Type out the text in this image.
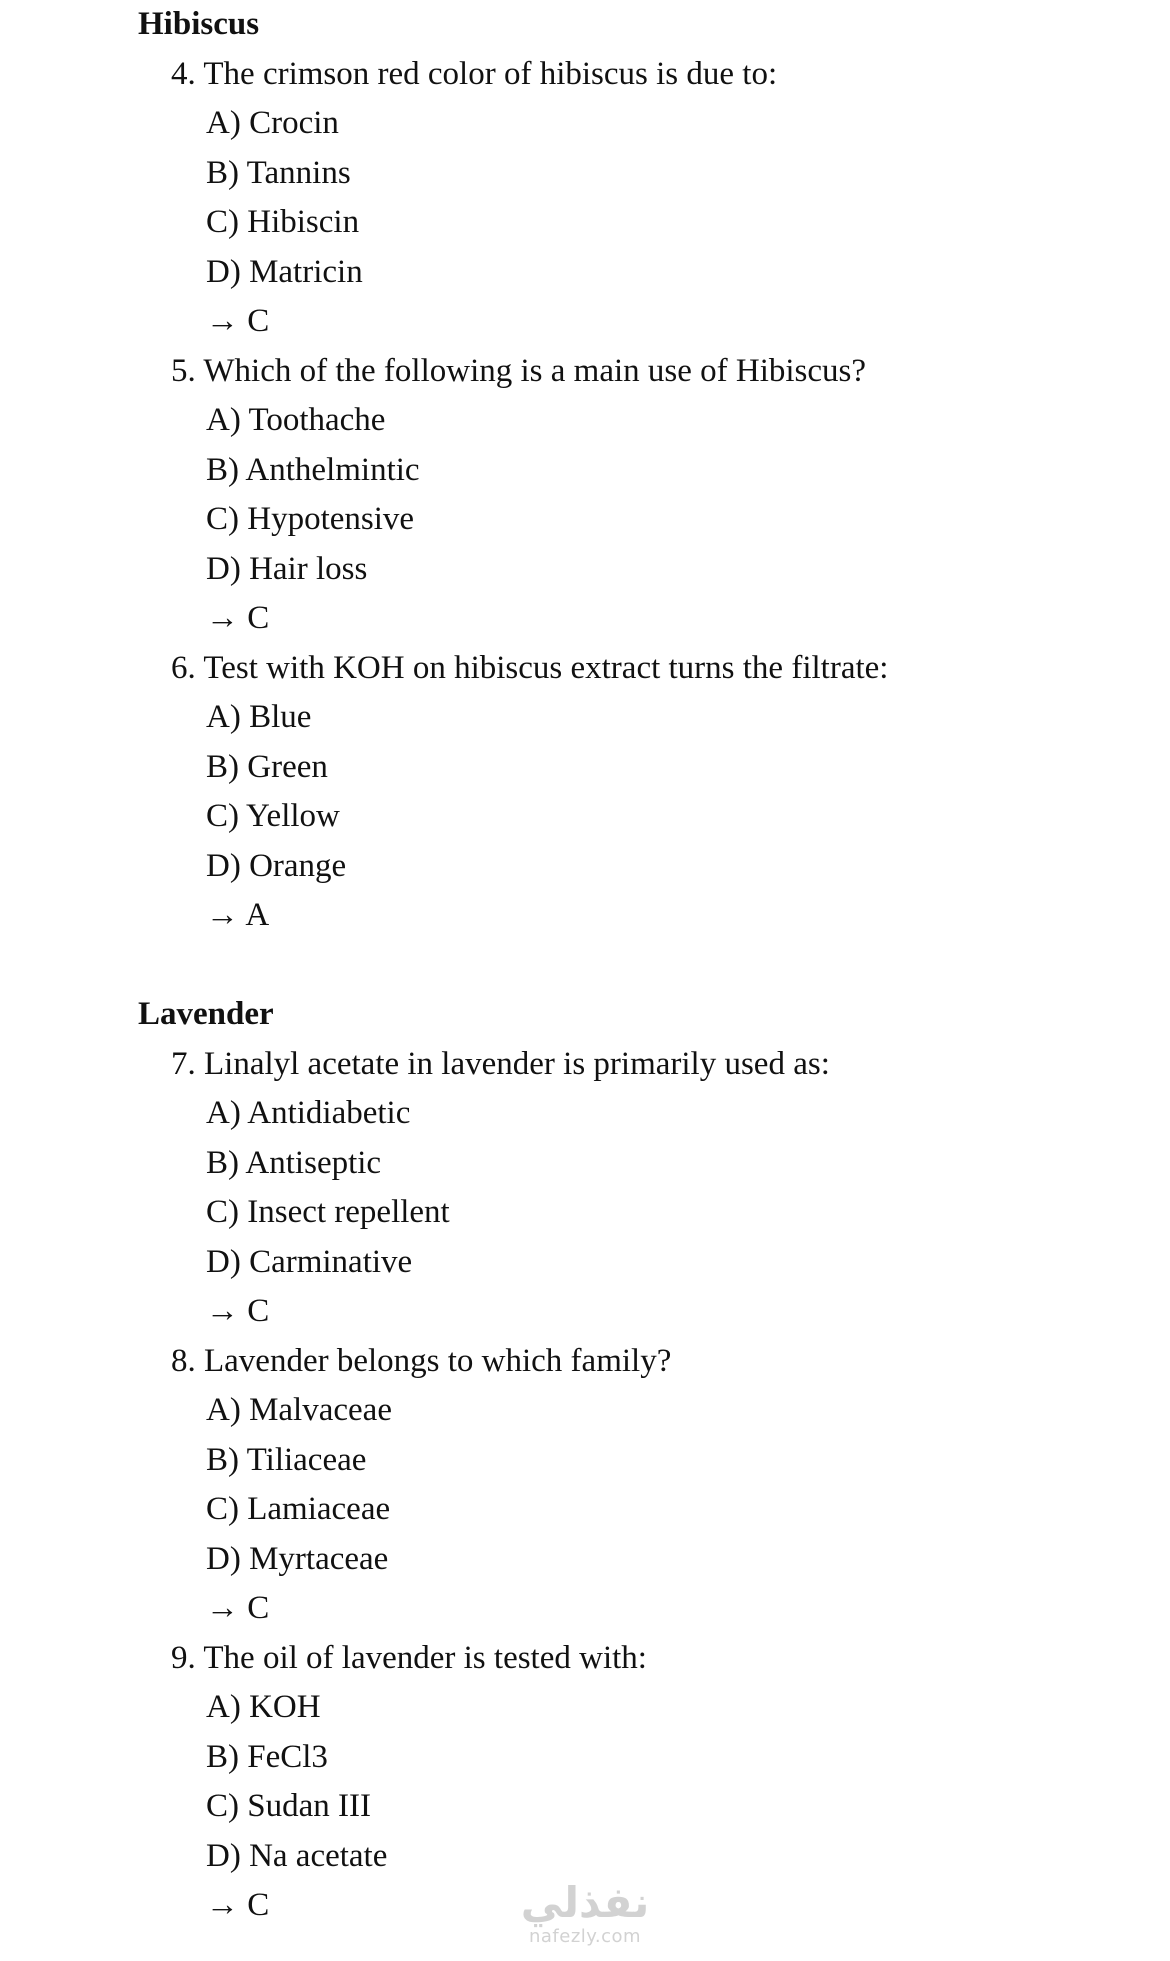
Hibiscus
4. The crimson red color of hibiscus is due to:
A) Crocin
B) Tannins
C) Hibiscin
D) Matricin
→ C
5. Which of the following is a main use of Hibiscus?
A) Toothache
B) Anthelmintic
C) Hypotensive
D) Hair loss
→ C
6. Test with KOH on hibiscus extract turns the filtrate:
A) Blue
B) Green
C) Yellow
D) Orange
→ A
Lavender
7. Linalyl acetate in lavender is primarily used as:
A) Antidiabetic
B) Antiseptic
C) Insect repellent
D) Carminative
→ C
8. Lavender belongs to which family?
A) Malvaceae
B) Tiliaceae
C) Lamiaceae
D) Myrtaceae
→ C
9. The oil of lavender is tested with:
A) KOH
B) FeCl3
C) Sudan III
D) Na acetate
→ C	نفذلي
nafezly.com
